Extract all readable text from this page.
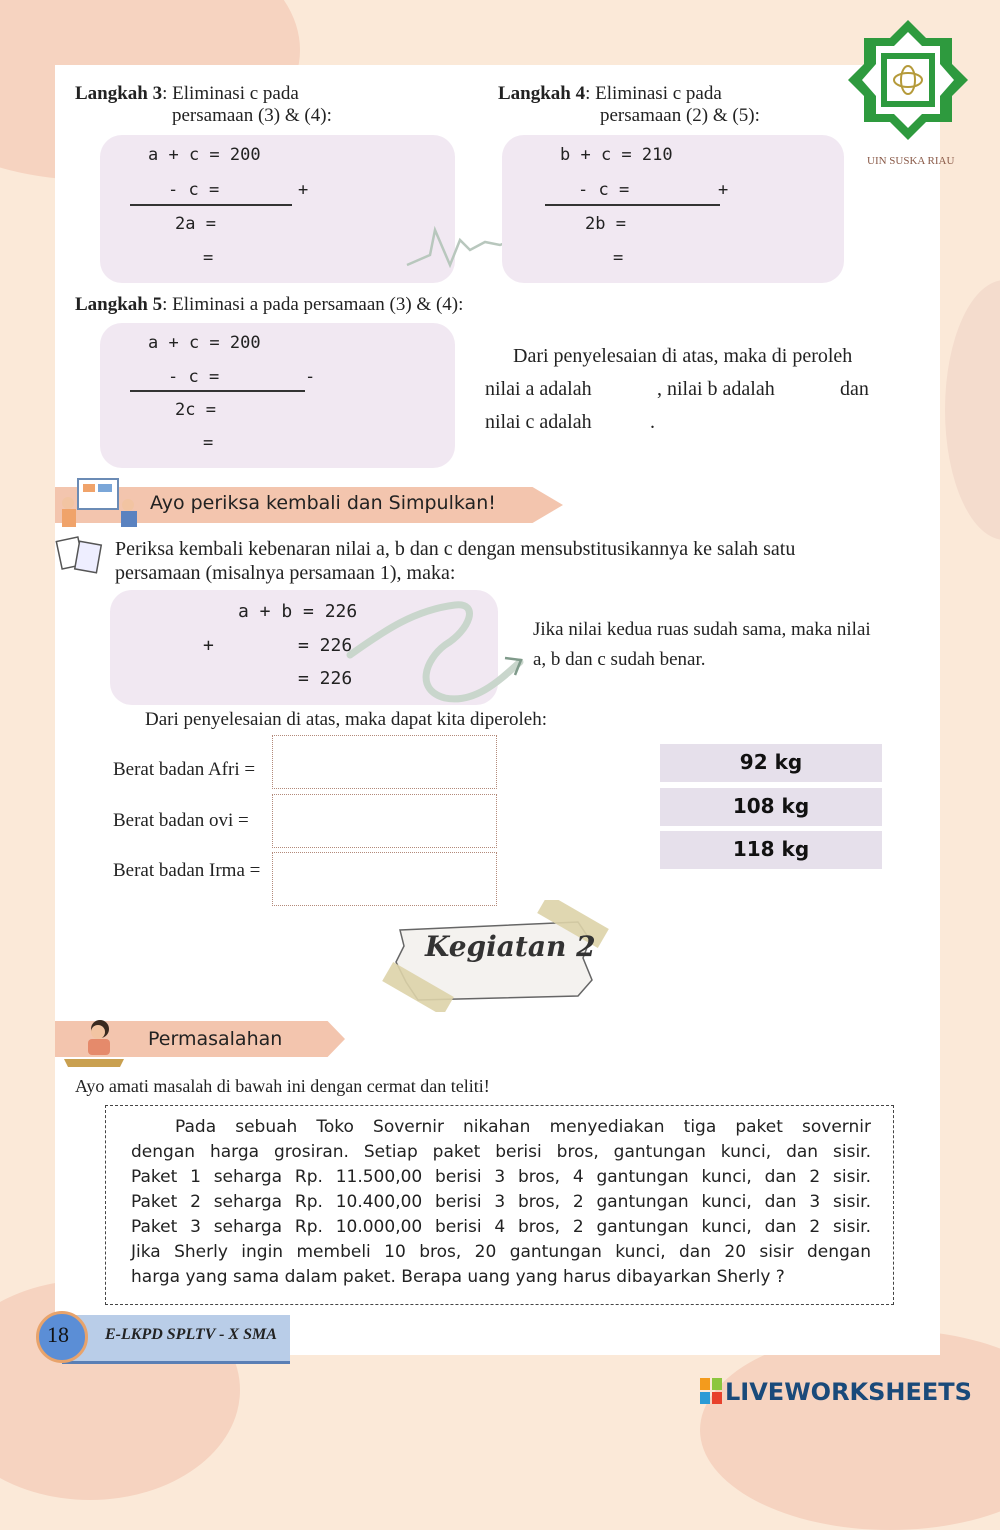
UIN SUSKA RIAU
Langkah 3: Eliminasi c pada
persamaan (3) & (4):
a + c = 200
- c =	+
2a =
=
Langkah 4: Eliminasi c pada
persamaan (2) & (5):
b + c = 210
- c =	+
2b =
=
Langkah 5: Eliminasi a pada persamaan (3) & (4):
a + c = 200
- c =	-
2c =
=
Dari penyelesaian di atas, maka di peroleh
nilai a adalah	, nilai b adalah	dan
nilai c adalah	.
Ayo periksa kembali dan Simpulkan!
Periksa kembali kebenaran nilai a, b dan c dengan mensubstitusikannya ke salah satu
persamaan (misalnya persamaan 1), maka:
a + b = 226
+	= 226
= 226
Jika nilai kedua ruas sudah sama, maka nilai
a, b dan c sudah benar.
Dari penyelesaian di atas, maka dapat kita diperoleh:
Berat badan Afri =
Berat badan ovi =
Berat badan Irma =
92 kg
108 kg
118 kg
Kegiatan 2
Permasalahan
Ayo amati masalah di bawah ini dengan cermat dan teliti!
Pada sebuah Toko Sovernir nikahan menyediakan tiga paket sovernir
dengan harga grosiran. Setiap paket berisi bros, gantungan kunci, dan sisir.
Paket 1 seharga Rp. 11.500,00 berisi 3 bros, 4 gantungan kunci, dan 2 sisir.
Paket 2 seharga Rp. 10.400,00 berisi 3 bros, 2 gantungan kunci, dan 3 sisir.
Paket 3 seharga Rp. 10.000,00 berisi 4 bros, 2 gantungan kunci, dan 2 sisir.
Jika Sherly ingin membeli 10 bros, 20 gantungan kunci, dan 20 sisir dengan
harga yang sama dalam paket. Berapa uang yang harus dibayarkan Sherly ?
18 E-LKPD SPLTV - X SMA
LIVEWORKSHEETS
